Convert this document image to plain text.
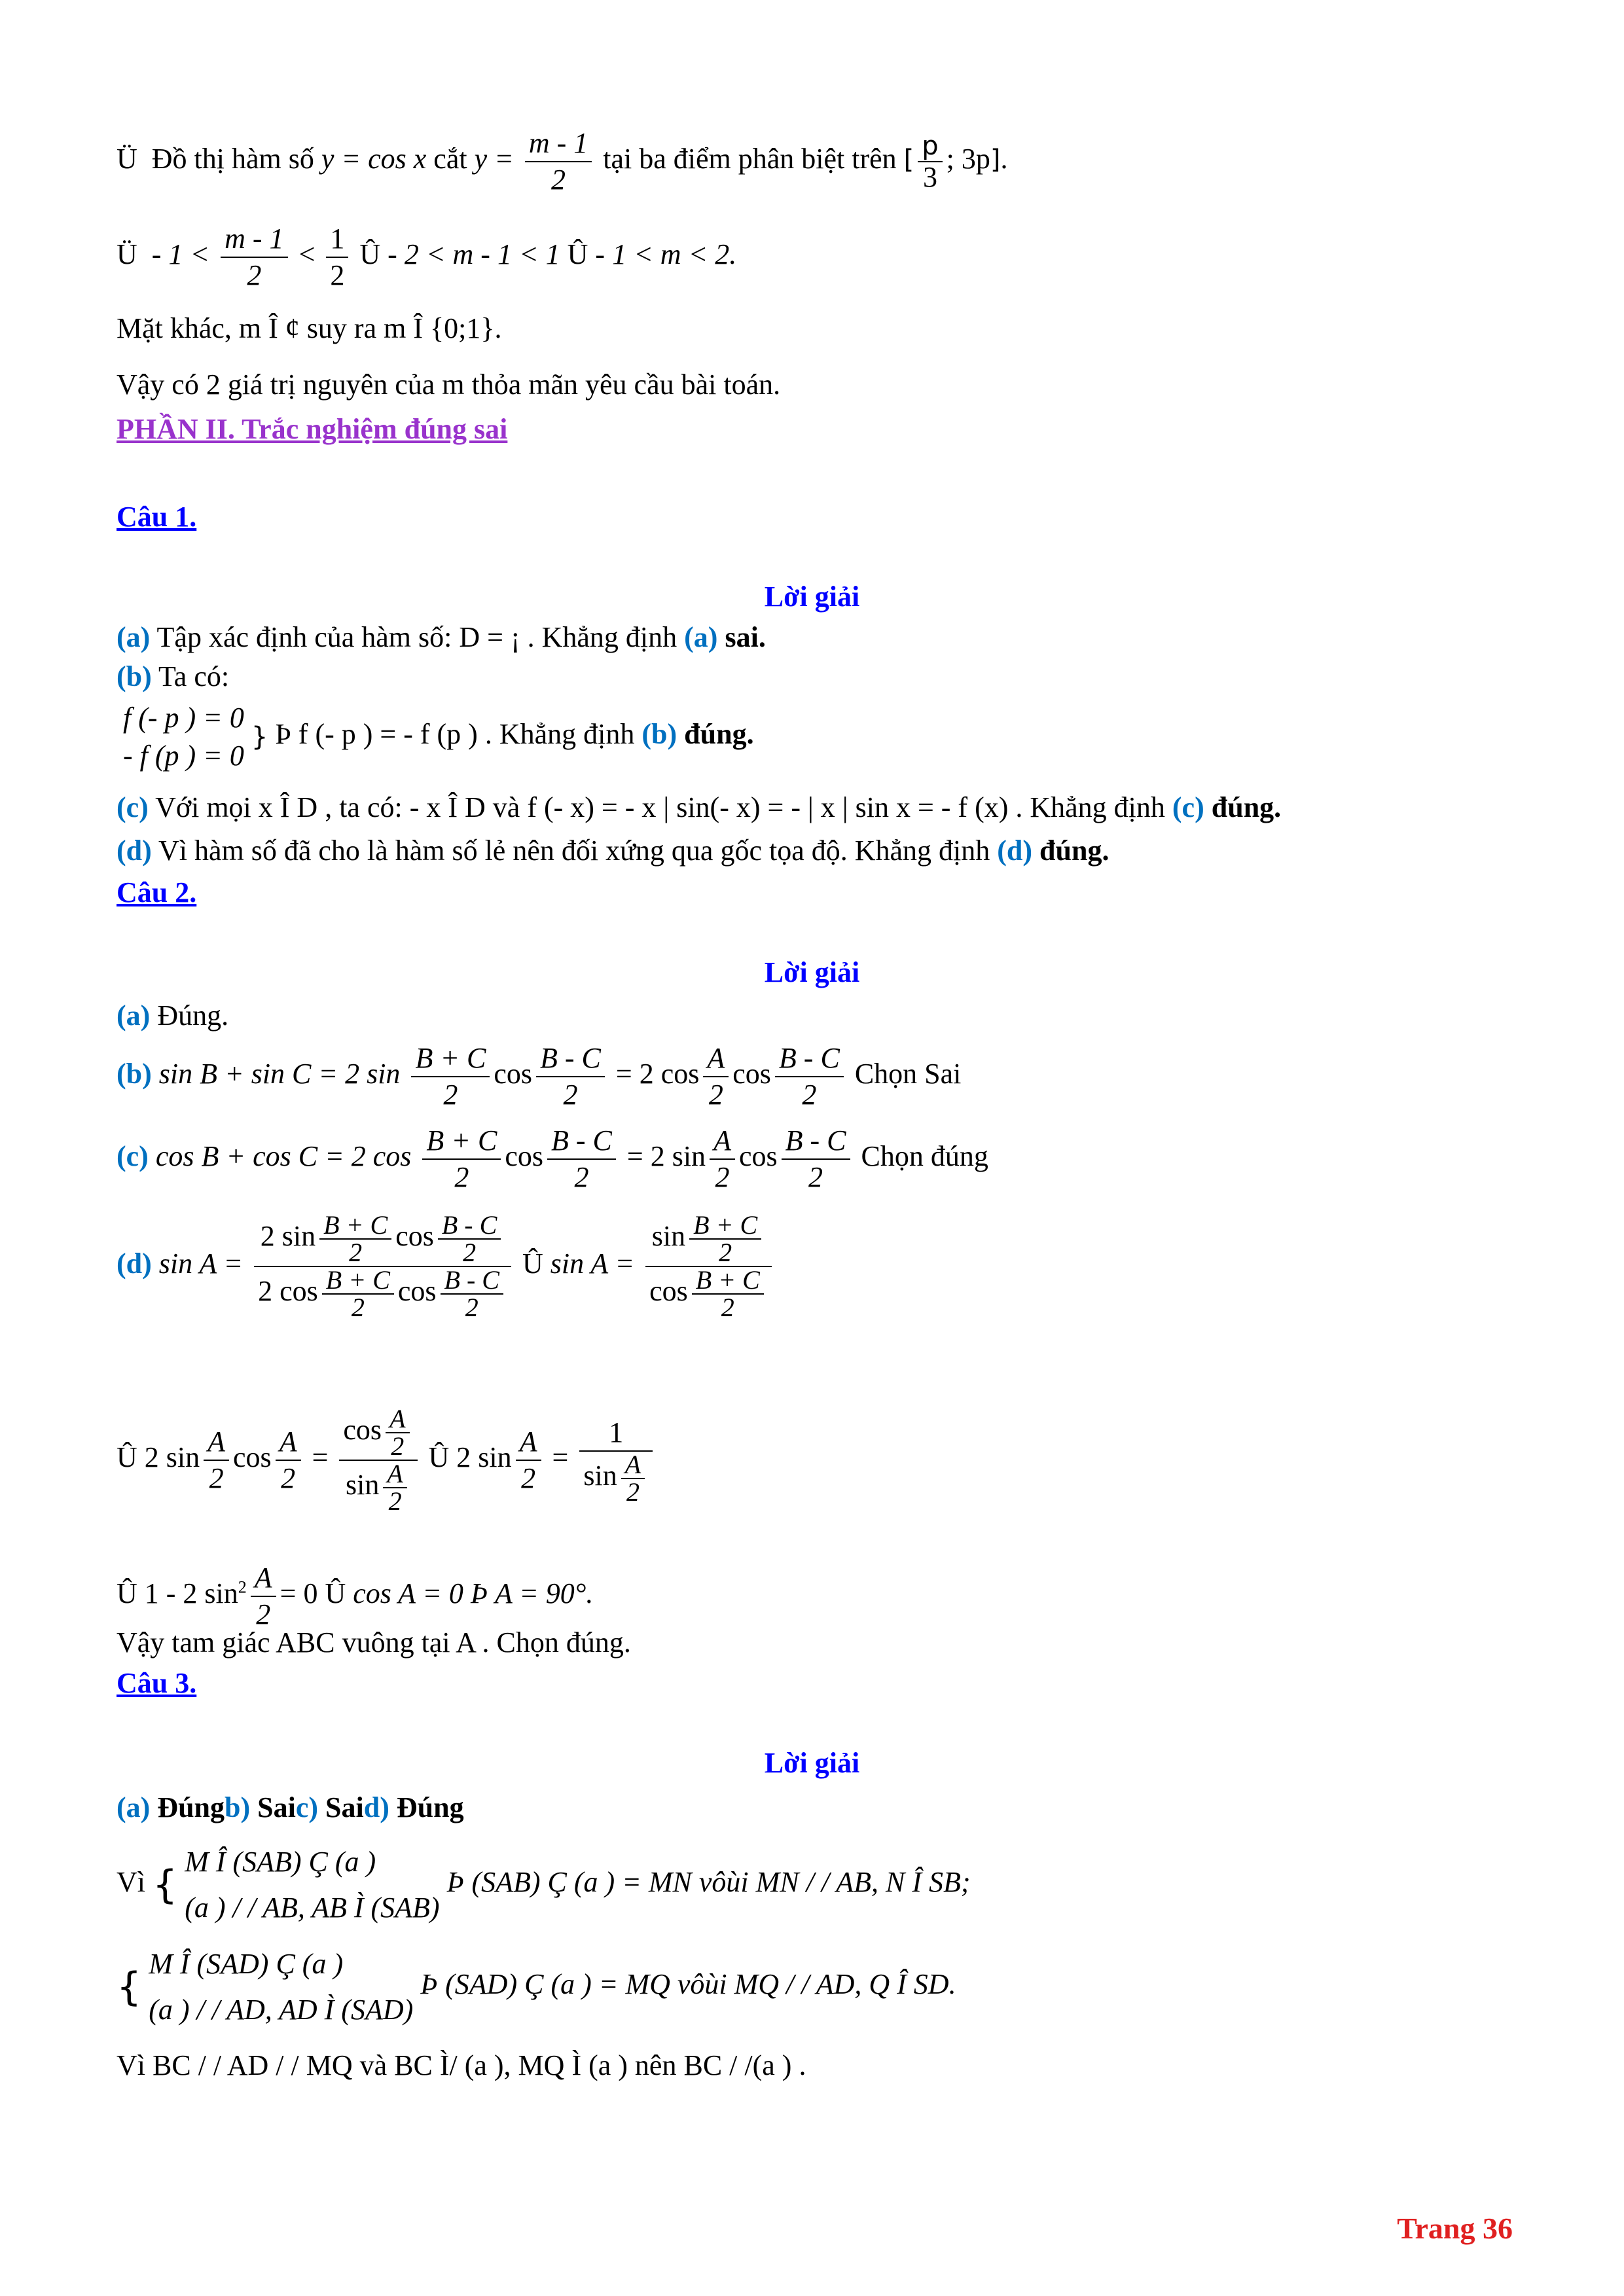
Ü Đồ thị hàm số y = cos x cắt $y = \frac{m - 1}{2}$ tại ba điểm phân biệt trên [ $\frac{p}{3}$ ; 3p].
Ü - $1 < \frac{m - 1}{2} < \frac{1}{2}$ Û - 2 < m - 1 < 1 Û - 1 < m < 2.
Mặt khác, m Î ¢ suy ra m Î {0;1}.
Vậy có 2 giá trị nguyên của m thỏa mãn yêu cầu bài toán.
PHẦN II. Trắc nghiệm đúng sai
Câu 1.
Lời giải
(a) Tập xác định của hàm số: D = ¡ . Khẳng định (a) sai.
(b) Ta có:
f (- p ) = 0
- f (p ) = 0
} Þ f (- p ) = - f (p ) . Khẳng định (b) đúng.
(c) Với mọi x Î D , ta có: - x Î D và f (- x) = - x | sin(- x) = - | x | sin x = - f (x) . Khẳng định (c) đúng.
(d) Vì hàm số đã cho là hàm số lẻ nên đối xứng qua gốc tọa độ. Khẳng định (d) đúng.
Câu 2.
Lời giải
(a) Đúng.
(b) sin B + sin C = 2 $\sin \frac{B + C}{2}$ $\cos \frac{B - C}{2} = 2$ $\cos \frac{A}{2}$ $\cos \frac{B - C}{2}$ Chọn Sai
(c) cos B + cos C = 2 $\cos \frac{B + C}{2}$ $\cos \frac{B - C}{2} = 2$ $\sin \frac{A}{2}$ $\cos \frac{B - C}{2}$ Chọn đúng
(d) $\sin A = \frac{2 \sin \frac{B + C}{2} \cos \frac{B - C}{2}}{2 \cos \frac{B + C}{2} \cos \frac{B - C}{2}}$ Û $\sin A = \frac{\sin \frac{B + C}{2}}{\cos \frac{B + C}{2}}$
Û 2 $\sin \frac{A}{2}$ $\cos \frac{A}{2} = \frac{\cos \frac{A}{2}}{\sin \frac{A}{2}}$ Û 2 $\sin \frac{A}{2} = \frac{1}{\sin \frac{A}{2}}$
Û 1 - 2 $\sin^2 \frac{A}{2} = 0$ Û cos A = 0 Þ A = 90°.
Vậy tam giác ABC vuông tại A . Chọn đúng.
Câu 3.
Lời giải
(a) Đúngb) Saic) Said) Đúng
Vì {
M Î (SAB) Ç (a )
(a ) / / AB, AB Ì (SAB)
Þ (SAB) Ç (a ) = MN vôùi MN / / AB, N Î SB;
{
M Î (SAD) Ç (a )
(a ) / / AD, AD Ì (SAD)
Þ (SAD) Ç (a ) = MQ vôùi MQ / / AD, Q Î SD.
Vì BC / / AD / / MQ và BC Ì/ (a ), MQ Ì (a ) nên BC / /(a ) .
Trang 36
